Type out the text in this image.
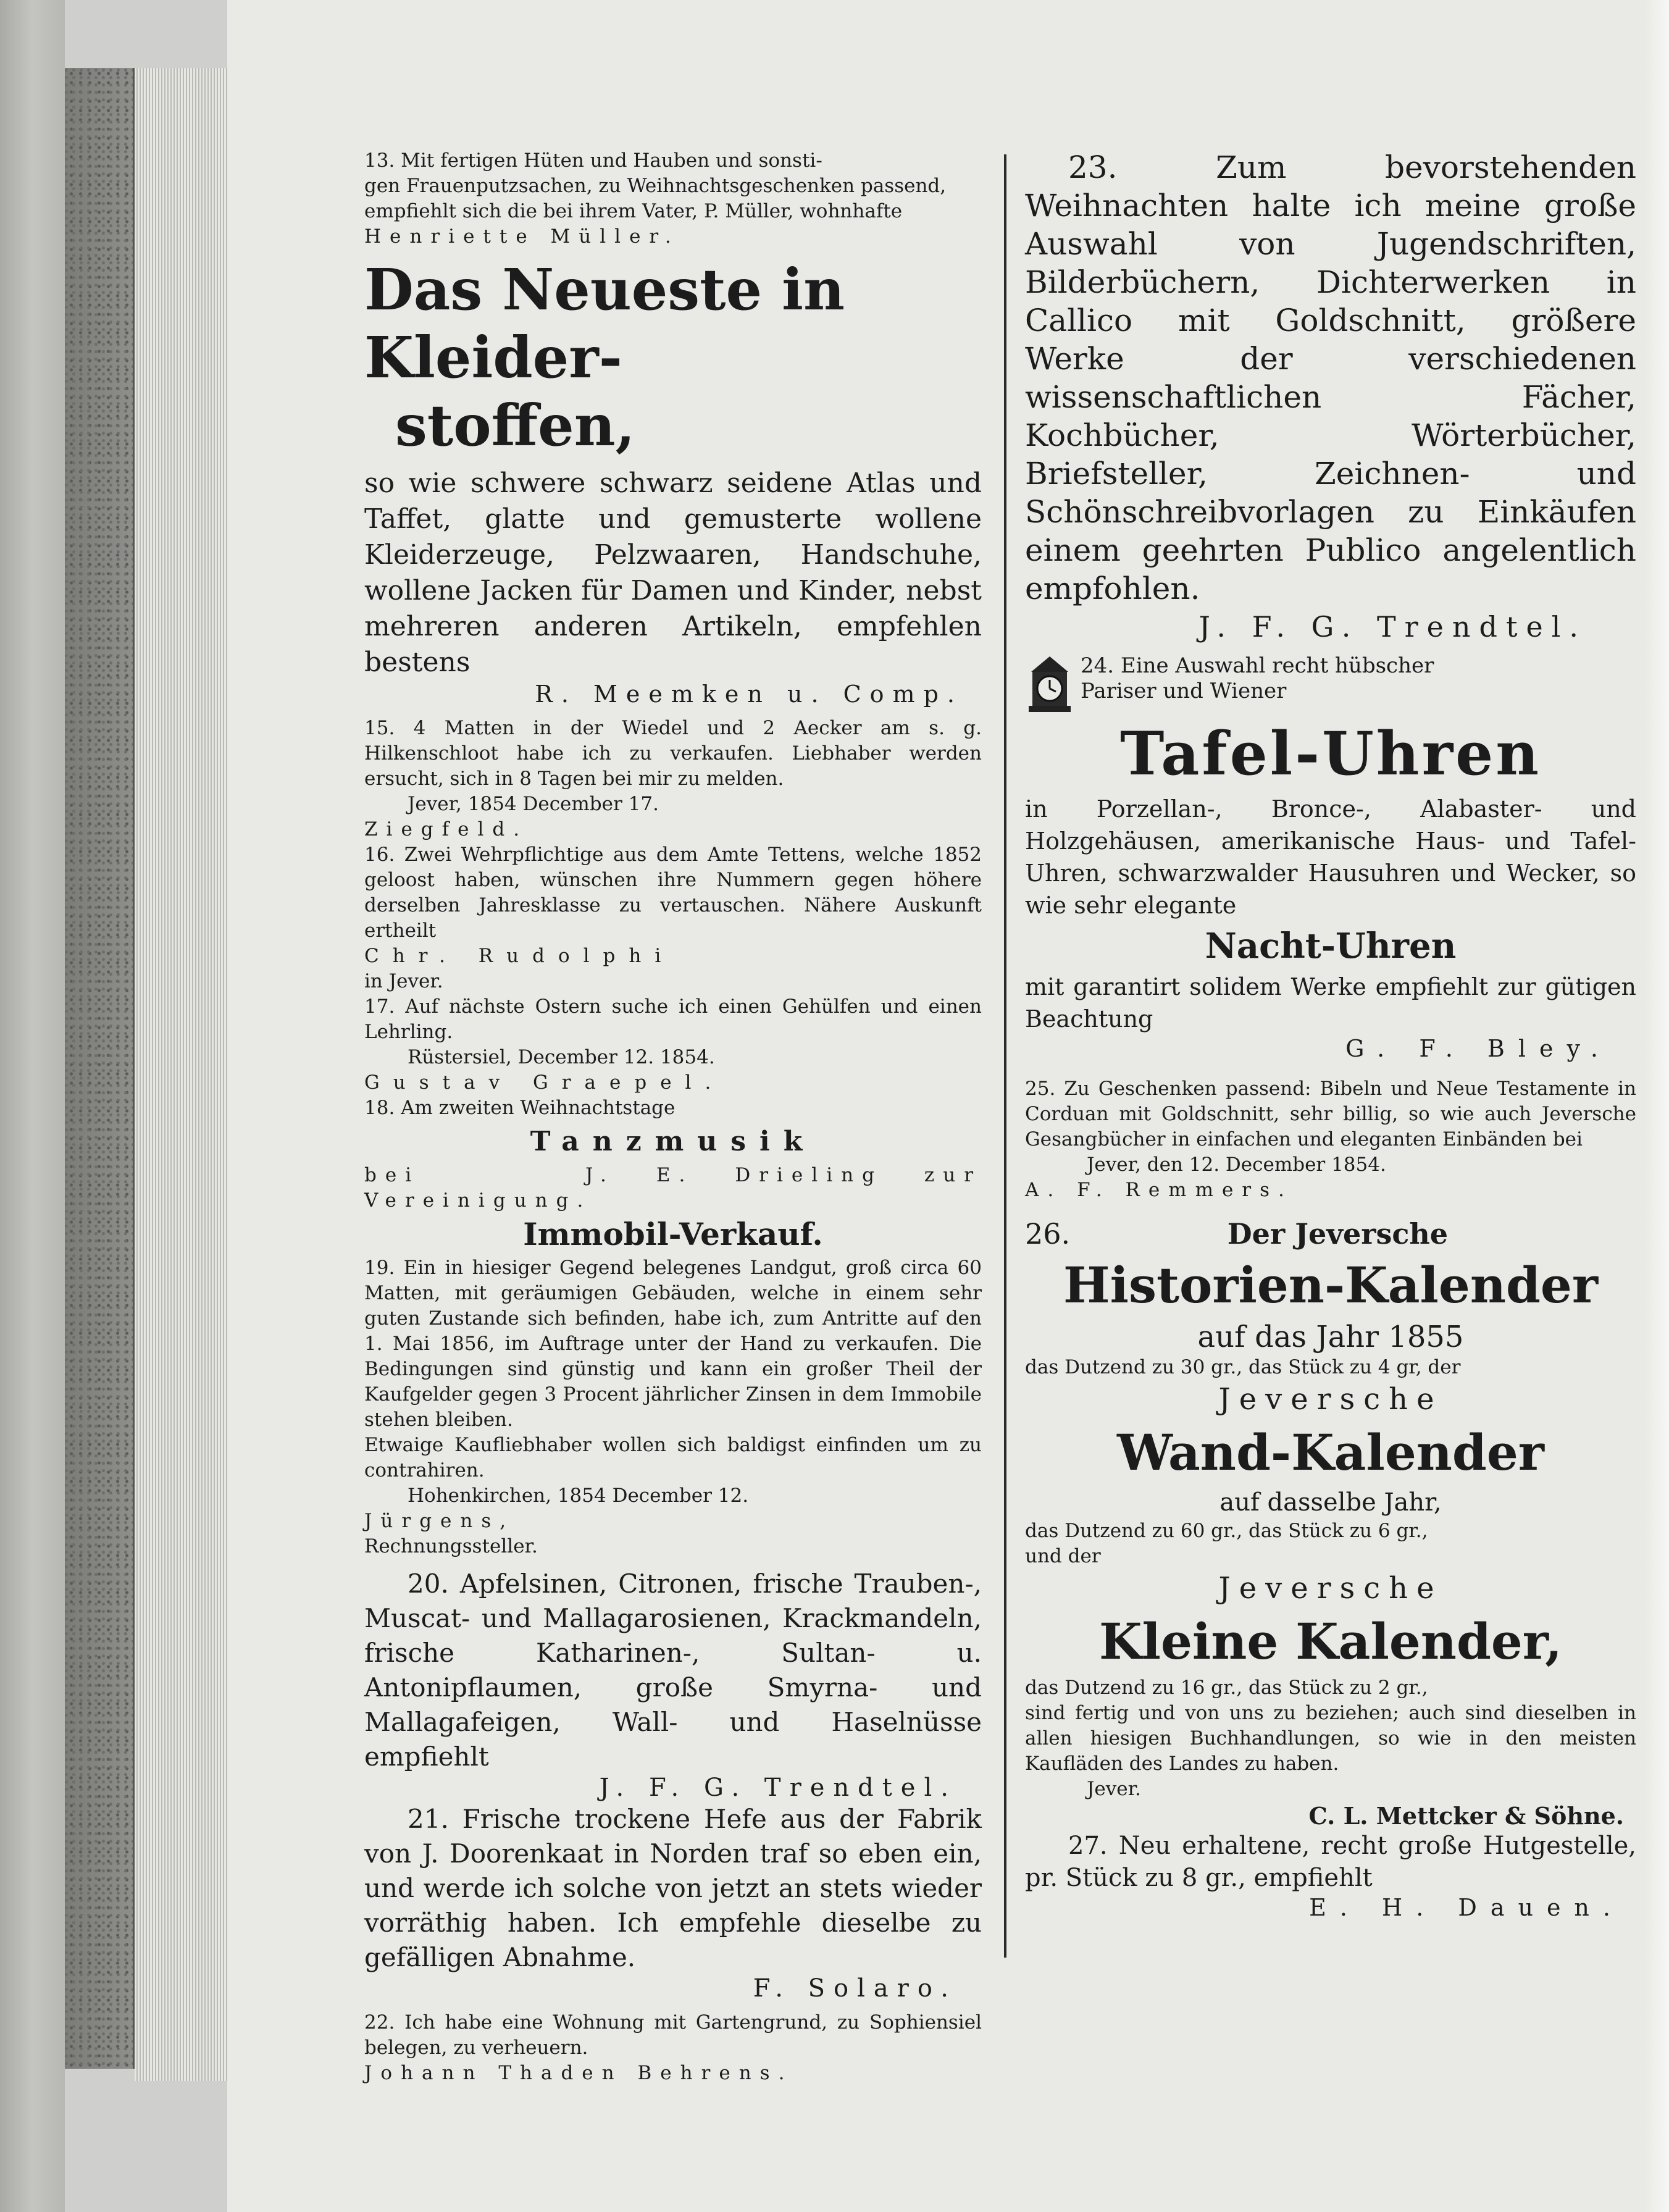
13. Mit fertigen Hüten und Hauben und sonsti-

gen Frauenputzsachen, zu Weihnachtsgeschenken passend,

empfiehlt sich die bei ihrem Vater, P. Müller, wohnhafte

Henriette Müller.

Das Neueste in Kleider-

stoffen,

so wie schwere schwarz seidene Atlas und Taffet, glatte und gemusterte wollene Kleiderzeuge, Pelzwaaren, Handschuhe, wollene Jacken für Damen und Kinder, nebst mehreren anderen Artikeln, empfehlen bestens

R. Meemken u. Comp.

15. 4 Matten in der Wiedel und 2 Aecker am s. g. Hilkenschloot habe ich zu verkaufen. Liebhaber werden ersucht, sich in 8 Tagen bei mir zu melden.

Jever, 1854 December 17.

Ziegfeld.

16. Zwei Wehrpflichtige aus dem Amte Tettens, welche 1852 geloost haben, wünschen ihre Nummern gegen höhere derselben Jahresklasse zu vertauschen. Nähere Auskunft ertheilt

Chr. Rudolphi

in Jever.

17. Auf nächste Ostern suche ich einen Gehülfen und einen Lehrling.

Rüstersiel, December 12. 1854.

Gustav Graepel.

18. Am zweiten Weihnachtstage

Tanzmusik

bei	J. E. Drieling zur Vereinigung.

Immobil-Verkauf.

19. Ein in hiesiger Gegend belegenes Landgut, groß circa 60 Matten, mit geräumigen Gebäuden, welche in einem sehr guten Zustande sich befinden, habe ich, zum Antritte auf den 1. Mai 1856, im Auftrage unter der Hand zu verkaufen. Die Bedingungen sind günstig und kann ein großer Theil der Kaufgelder gegen 3 Procent jährlicher Zinsen in dem Immobile stehen bleiben.

Etwaige Kaufliebhaber wollen sich baldigst einfinden um zu contrahiren.

Hohenkirchen, 1854 December 12.

Jürgens,

Rechnungssteller.

20. Apfelsinen, Citronen, frische Trauben-, Muscat- und Mallagarosienen, Krackmandeln, frische Katharinen-, Sultan- u. Antonipflaumen, große Smyrna- und Mallagafeigen, Wall- und Haselnüsse empfiehlt

J. F. G. Trendtel.

21. Frische trockene Hefe aus der Fabrik von J. Doorenkaat in Norden traf so eben ein, und werde ich solche von jetzt an stets wieder vorräthig haben. Ich empfehle dieselbe zu gefälligen Abnahme.

F. Solaro.

22. Ich habe eine Wohnung mit Gartengrund, zu Sophiensiel belegen, zu verheuern.

Johann Thaden Behrens.

23. Zum bevorstehenden Weihnachten halte ich meine große Auswahl von Jugendschriften, Bilderbüchern, Dichterwerken in Callico mit Goldschnitt, größere Werke der verschiedenen wissenschaftlichen Fächer, Kochbücher, Wörterbücher, Briefsteller, Zeichnen- und Schönschreibvorlagen zu Einkäufen einem geehrten Publico angelentlich empfohlen.

J. F. G. Trendtel.

24. Eine Auswahl recht hübscher

Pariser und Wiener

Tafel-Uhren

in Porzellan-, Bronce-, Alabaster- und Holzgehäusen, amerikanische Haus- und Tafel-Uhren, schwarzwalder Hausuhren und Wecker, so wie sehr elegante

Nacht-Uhren

mit garantirt solidem Werke empfiehlt zur gütigen Beachtung

G. F. Bley.

25. Zu Geschenken passend: Bibeln und Neue Testamente in Corduan mit Goldschnitt, sehr billig, so wie auch Jeversche Gesangbücher in einfachen und eleganten Einbänden bei

Jever, den 12. December 1854.

A. F. Remmers.

26.	Der Jeversche

Historien-Kalender

auf das Jahr 1855

das Dutzend zu 30 gr., das Stück zu 4 gr, der

Jeversche

Wand-Kalender

auf dasselbe Jahr,

das Dutzend zu 60 gr., das Stück zu 6 gr.,

und der

Jeversche

Kleine Kalender,

das Dutzend zu 16 gr., das Stück zu 2 gr.,

sind fertig und von uns zu beziehen; auch sind dieselben in allen hiesigen Buchhandlungen, so wie in den meisten Kaufläden des Landes zu haben.

Jever.

C. L. Mettcker & Söhne.

27. Neu erhaltene, recht große Hutgestelle, pr. Stück zu 8 gr., empfiehlt

E. H. Dauen.
